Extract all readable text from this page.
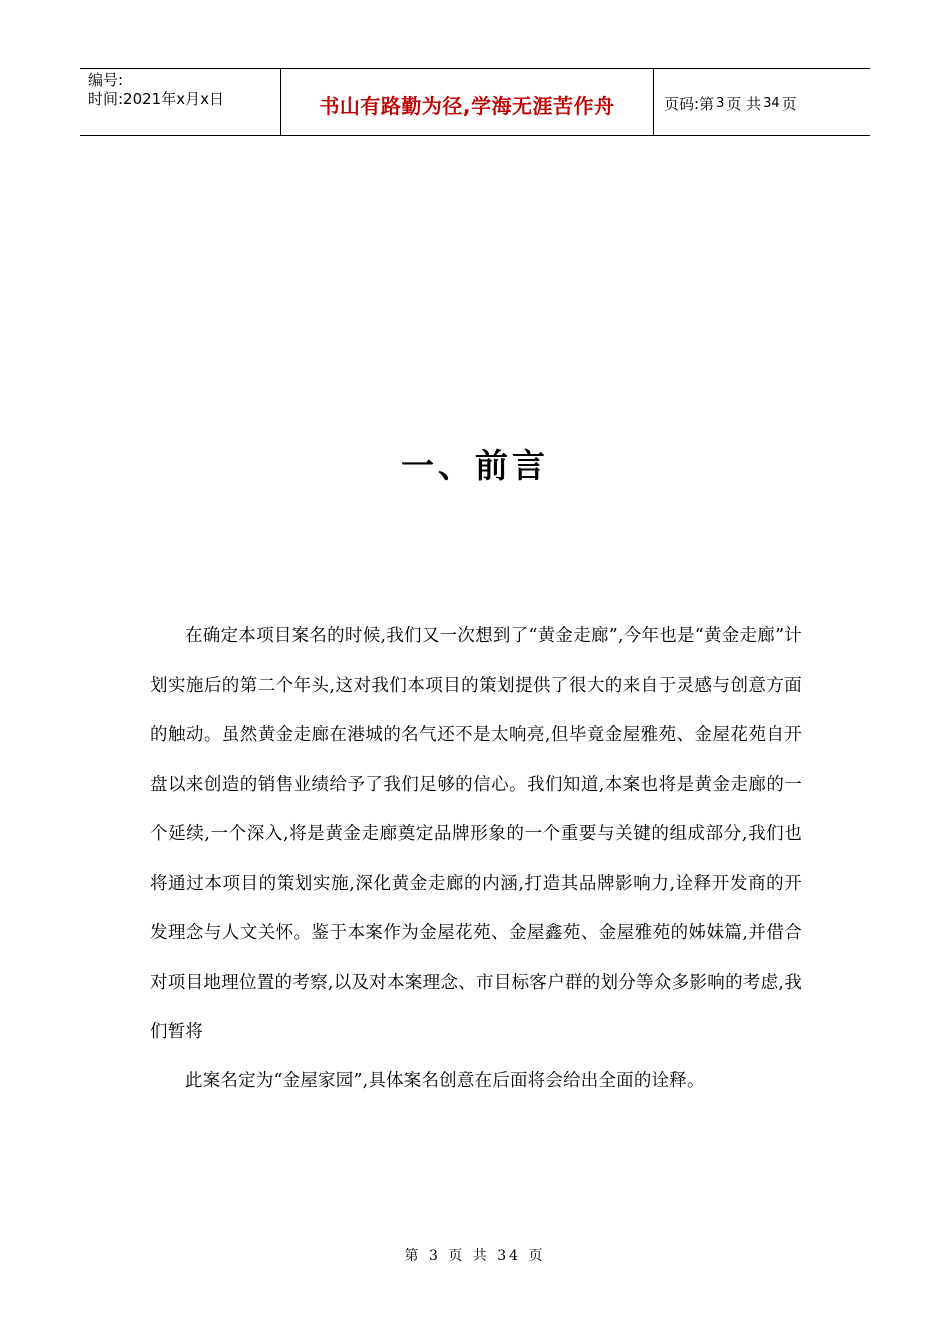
编号:
时间:2021年x月x日	书山有路勤为径,学海无涯苦作舟	页码:第 3 页 共 34 页
一、前言

在确定本项目案名的时候,我们又一次想到了“黄金走廊”,今年也是“黄金走廊”计划实施后的第二个年头,这对我们本项目的策划提供了很大的来自于灵感与创意方面的触动。虽然黄金走廊在港城的名气还不是太响亮,但毕竟金屋雅苑、金屋花苑自开盘以来创造的销售业绩给予了我们足够的信心。我们知道,本案也将是黄金走廊的一个延续,一个深入,将是黄金走廊奠定品牌形象的一个重要与关键的组成部分,我们也将通过本项目的策划实施,深化黄金走廊的内涵,打造其品牌影响力,诠释开发商的开发理念与人文关怀。鉴于本案作为金屋花苑、金屋鑫苑、金屋雅苑的姊妹篇,并借合对项目地理位置的考察,以及对本案理念、市目标客户群的划分等众多影响的考虑,我们暂将

此案名定为“金屋家园”,具体案名创意在后面将会给出全面的诠释。

第 3 页 共 34 页
